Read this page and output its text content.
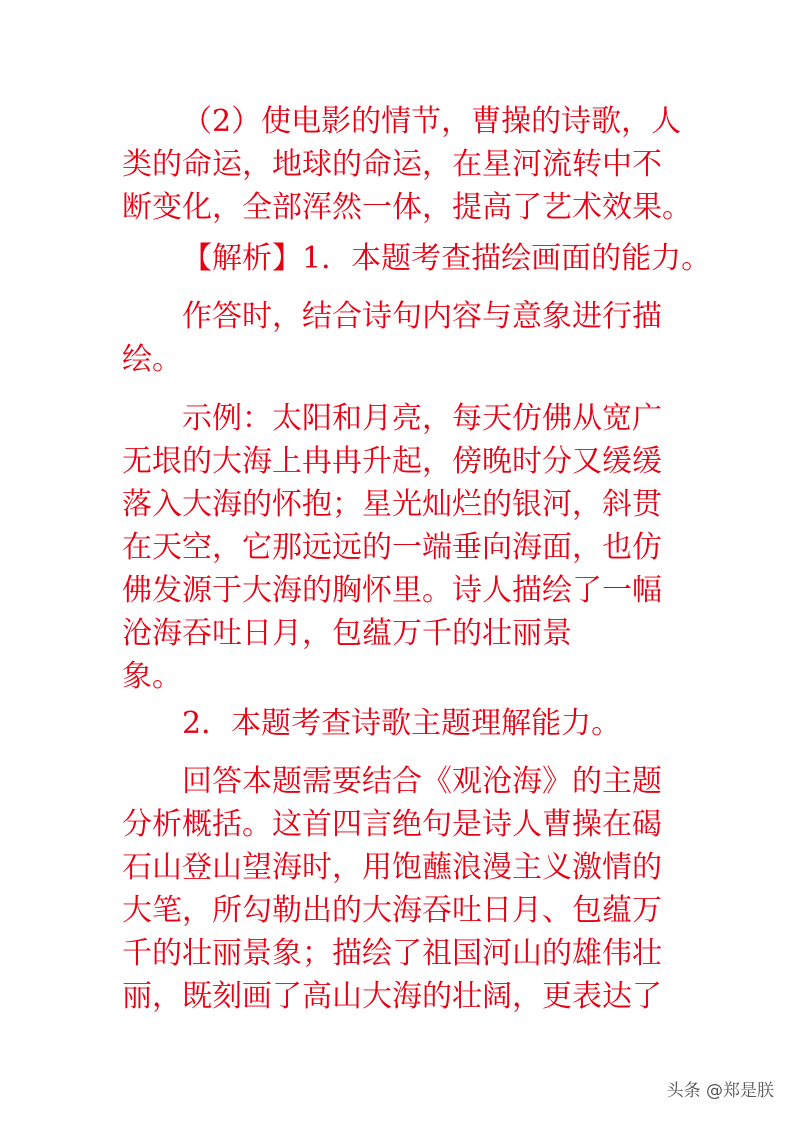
（2）使电影的情节，曹操的诗歌，人
类的命运，地球的命运，在星河流转中不
断变化，全部浑然一体，提高了艺术效果。
【解析】1．本题考查描绘画面的能力。
作答时，结合诗句内容与意象进行描
绘。
示例：太阳和月亮，每天仿佛从宽广
无垠的大海上冉冉升起，傍晚时分又缓缓
落入大海的怀抱；星光灿烂的银河，斜贯
在天空，它那远远的一端垂向海面，也仿
佛发源于大海的胸怀里。诗人描绘了一幅
沧海吞吐日月，包蕴万千的壮丽景
象。
2．本题考查诗歌主题理解能力。
回答本题需要结合《观沧海》的主题
分析概括。这首四言绝句是诗人曹操在碣
石山登山望海时，用饱蘸浪漫主义激情的
大笔，所勾勒出的大海吞吐日月、包蕴万
千的壮丽景象；描绘了祖国河山的雄伟壮
丽，既刻画了高山大海的壮阔，更表达了
头条 @郑是朕
